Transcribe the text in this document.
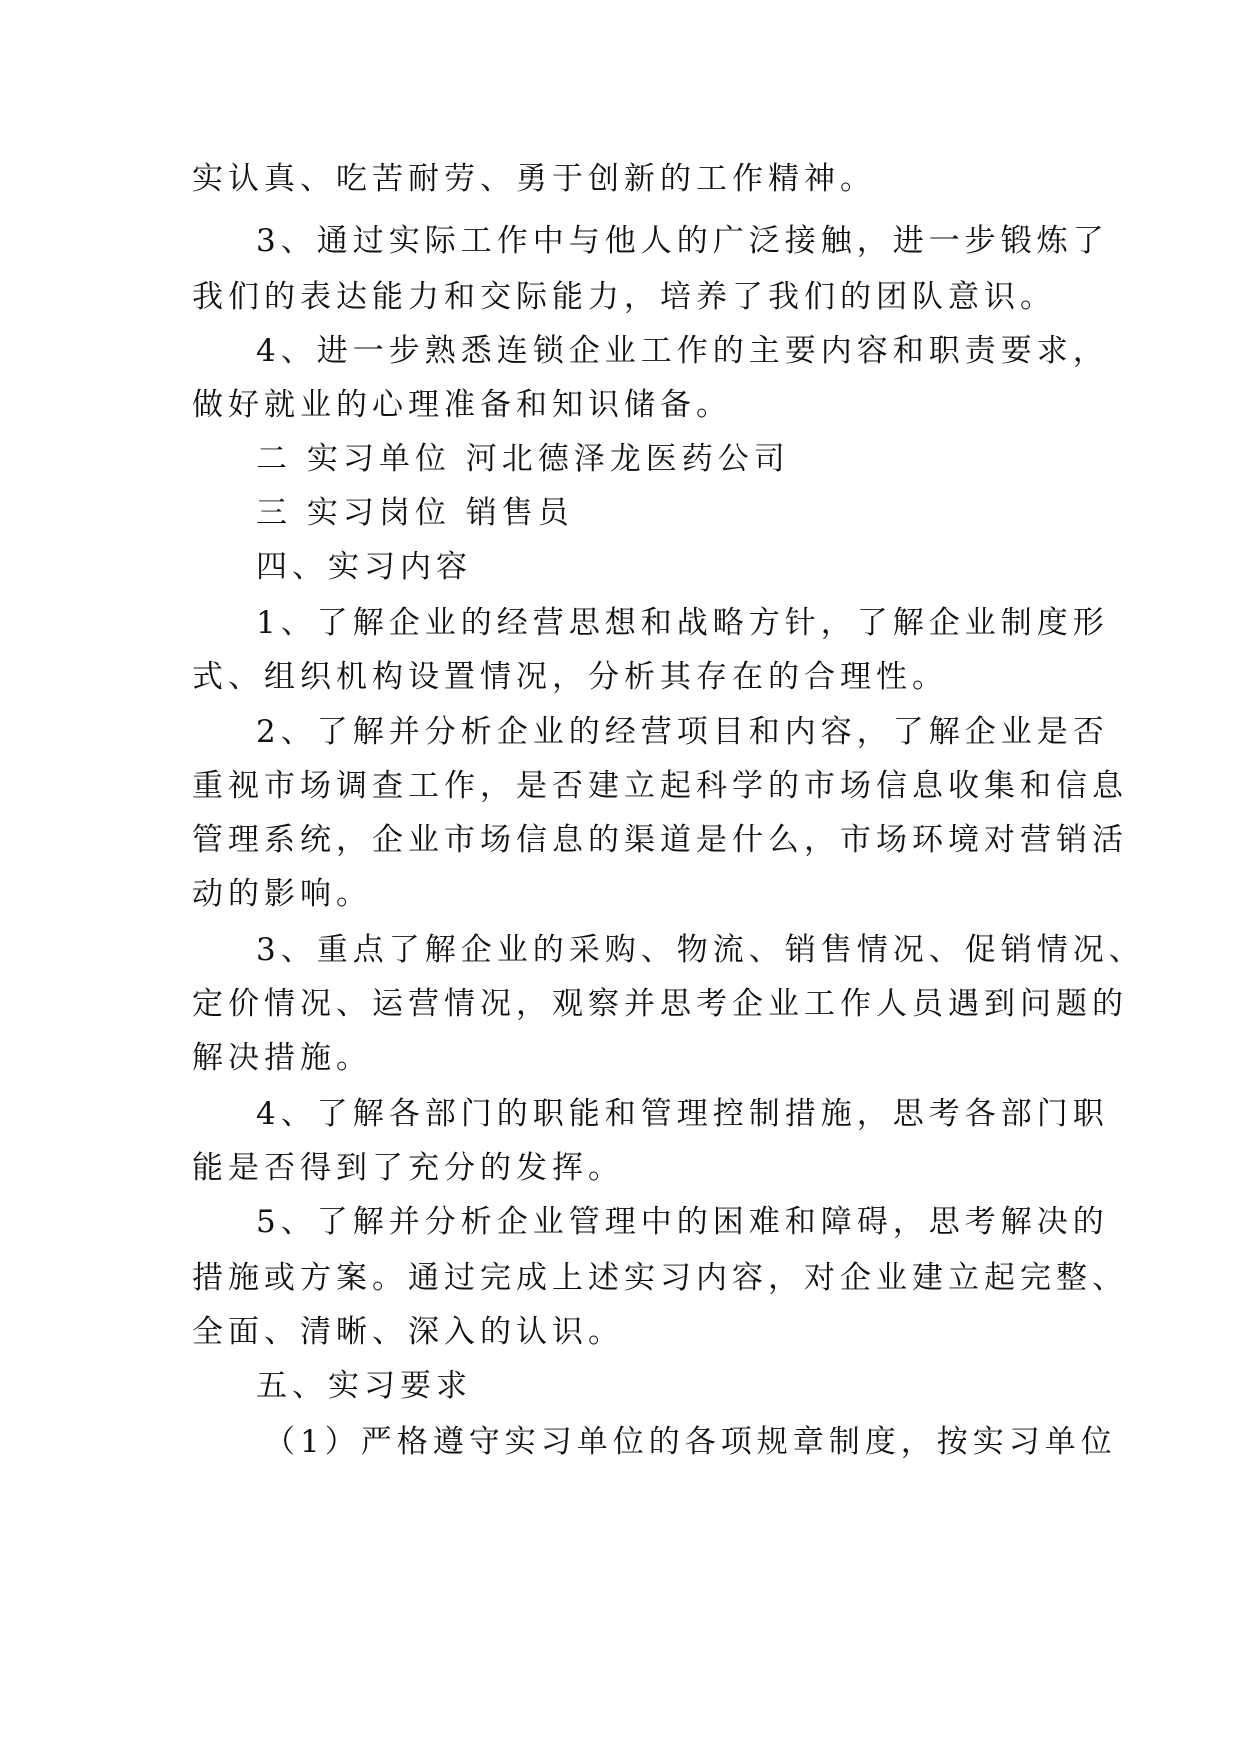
实认真、吃苦耐劳、勇于创新的工作精神。

3、通过实际工作中与他人的广泛接触，进一步锻炼了

我们的表达能力和交际能力，培养了我们的团队意识。

4、进一步熟悉连锁企业工作的主要内容和职责要求，

做好就业的心理准备和知识储备。

二 实习单位 河北德泽龙医药公司

三 实习岗位 销售员

四、实习内容

1、了解企业的经营思想和战略方针，了解企业制度形

式、组织机构设置情况，分析其存在的合理性。

2、了解并分析企业的经营项目和内容，了解企业是否

重视市场调查工作，是否建立起科学的市场信息收集和信息

管理系统，企业市场信息的渠道是什么，市场环境对营销活

动的影响。

3、重点了解企业的采购、物流、销售情况、促销情况、

定价情况、运营情况，观察并思考企业工作人员遇到问题的

解决措施。

4、了解各部门的职能和管理控制措施，思考各部门职

能是否得到了充分的发挥。

5、了解并分析企业管理中的困难和障碍，思考解决的

措施或方案。通过完成上述实习内容，对企业建立起完整、

全面、清晰、深入的认识。

五、实习要求

（1）严格遵守实习单位的各项规章制度，按实习单位
